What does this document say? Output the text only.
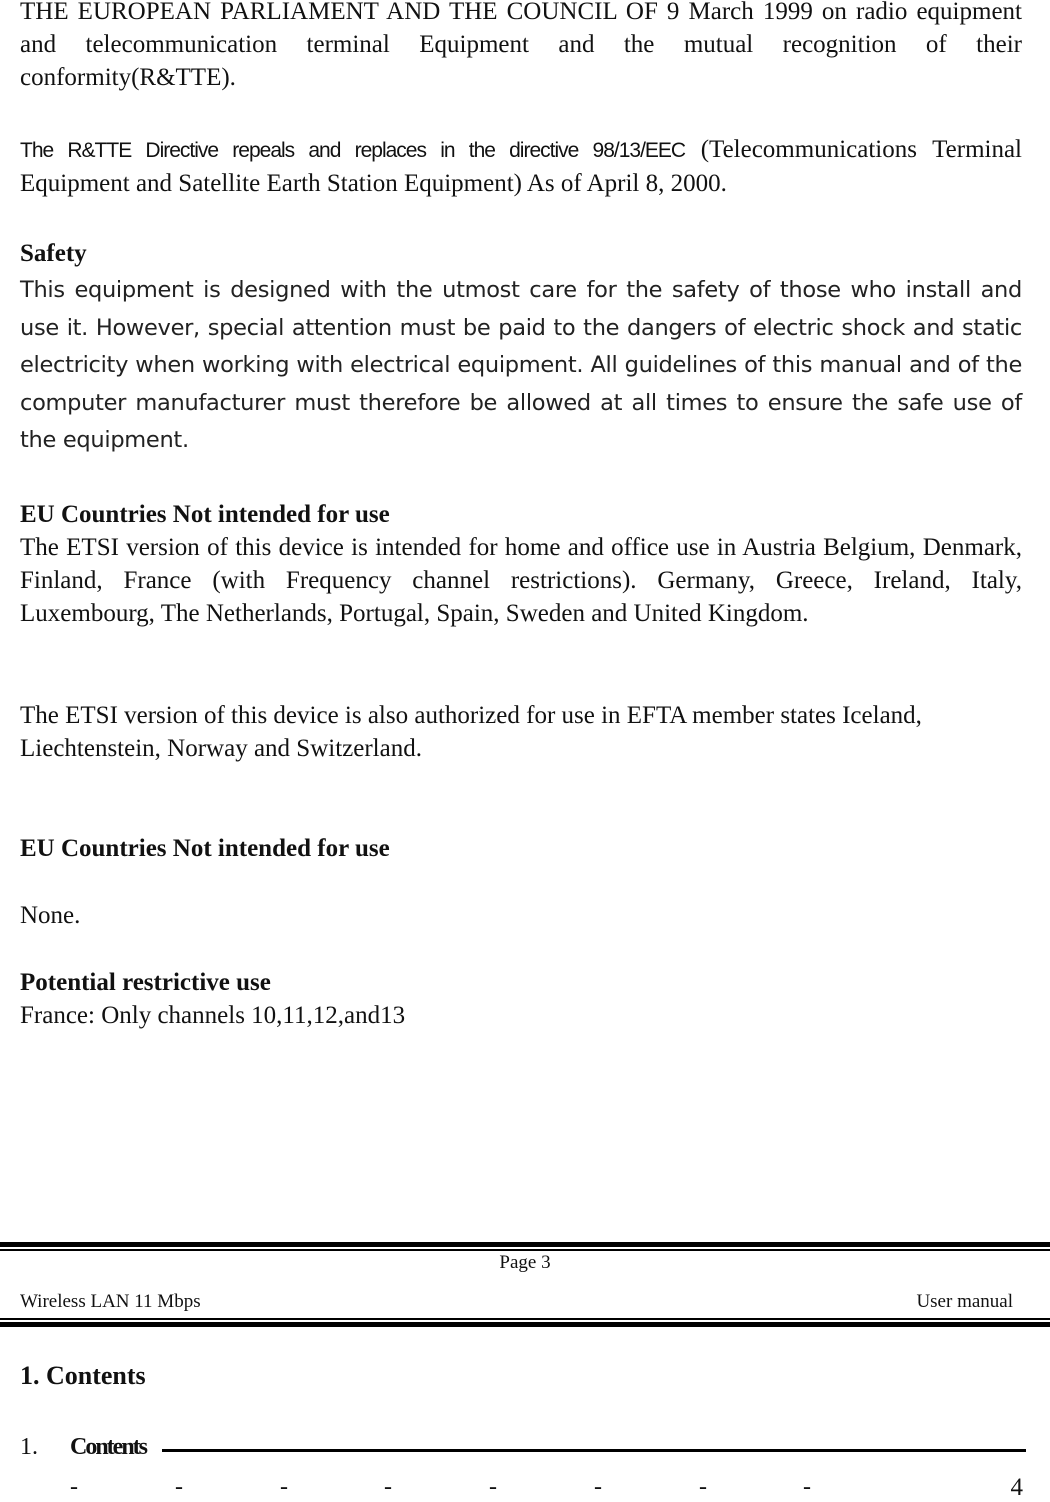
THE EUROPEAN PARLIAMENT AND THE COUNCIL OF 9 March 1999 on radio equipment and telecommunication terminal Equipment and the mutual recognition of their conformity(R&TTE).

The R&TTE Directive repeals and replaces in the directive 98/13/EEC (Telecommunications Terminal Equipment and Satellite Earth Station Equipment) As of April 8, 2000.

Safety

This equipment is designed with the utmost care for the safety of those who install and use it. However, special attention must be paid to the dangers of electric shock and static electricity when working with electrical equipment. All guidelines of this manual and of the computer manufacturer must therefore be allowed at all times to ensure the safe use of the equipment.

EU Countries Not intended for use

The ETSI version of this device is intended for home and office use in Austria Belgium, Denmark, Finland, France (with Frequency channel restrictions). Germany, Greece, Ireland, Italy, Luxembourg, The Netherlands, Portugal, Spain, Sweden and United Kingdom.

The ETSI version of this device is also authorized for use in EFTA member states Iceland,

Liechtenstein, Norway and Switzerland.

EU Countries Not intended for use

None.

Potential restrictive use

France: Only channels 10,11,12,and13

Page 3
Wireless LAN 11 Mbps	User manual
1. Contents
1. Contents
-	-	-	-	-	-	-	-	4
